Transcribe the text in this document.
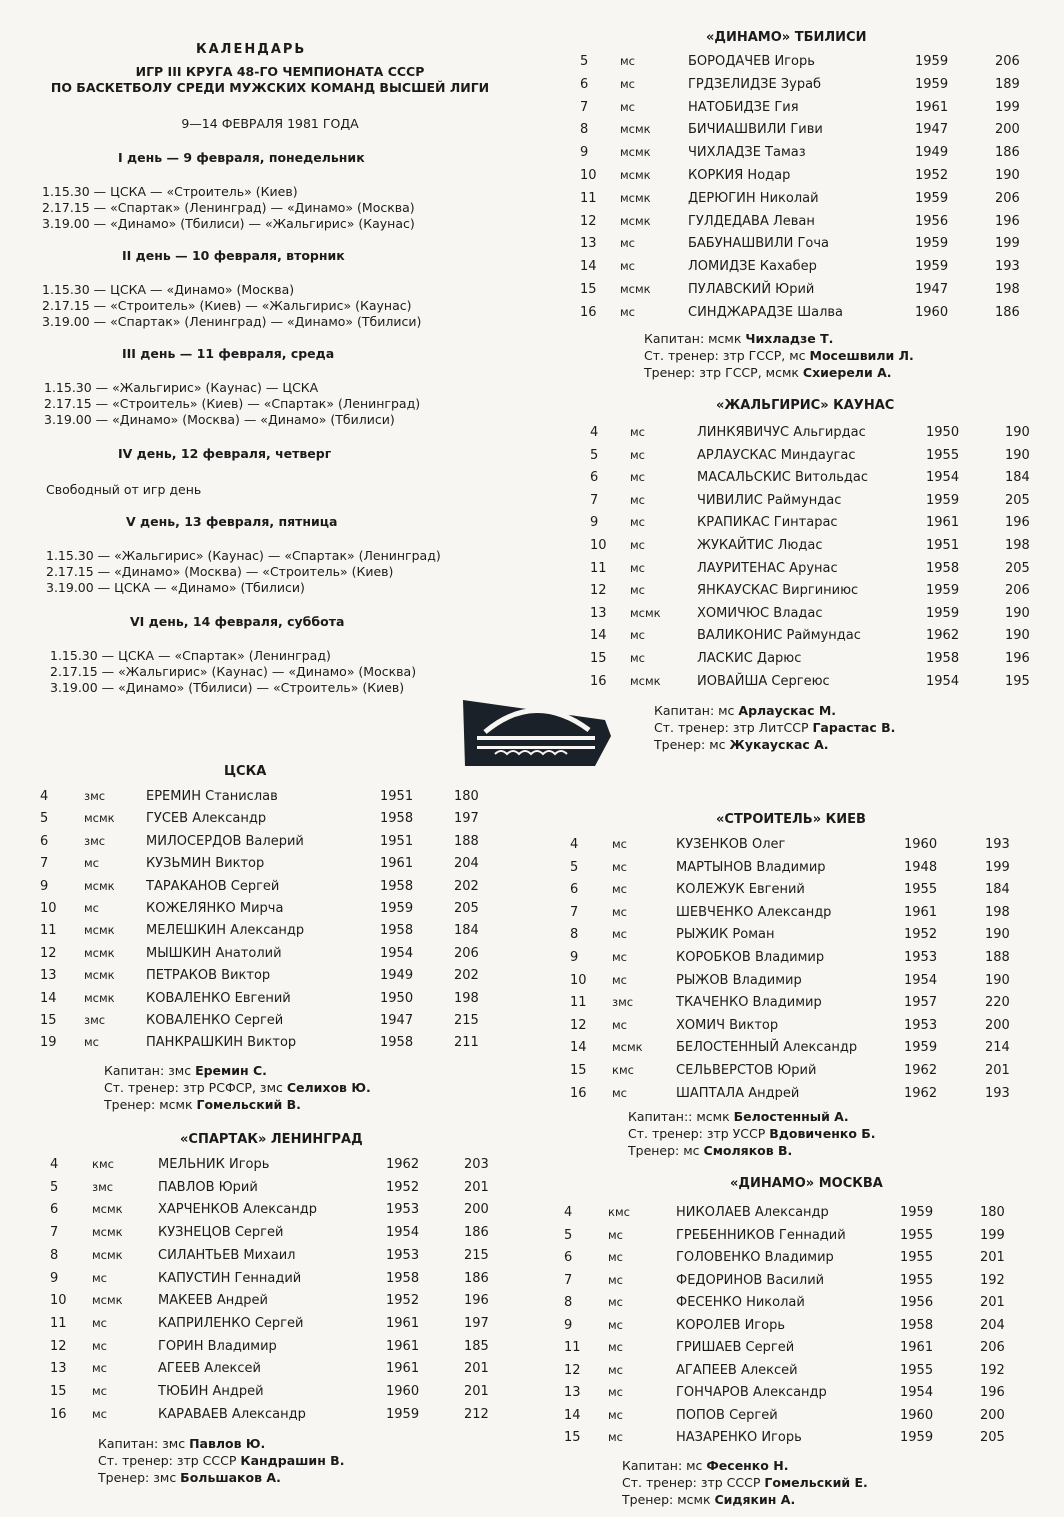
КАЛЕНДАРЬ
ИГР III КРУГА 48-ГО ЧЕМПИОНАТА СССР
ПО БАСКЕТБОЛУ СРЕДИ МУЖСКИХ КОМАНД ВЫСШЕЙ ЛИГИ
9—14 ФЕВРАЛЯ 1981 ГОДА
I день — 9 февраля, понедельник
1.15.30 — ЦСКА — «Строитель» (Киев)
2.17.15 — «Спартак» (Ленинград) — «Динамо» (Москва)
3.19.00 — «Динамо» (Тбилиси) — «Жальгирис» (Каунас)
II день — 10 февраля, вторник
1.15.30 — ЦСКА — «Динамо» (Москва)
2.17.15 — «Строитель» (Киев) — «Жальгирис» (Каунас)
3.19.00 — «Спартак» (Ленинград) — «Динамо» (Тбилиси)
III день — 11 февраля, среда
1.15.30 — «Жальгирис» (Каунас) — ЦСКА
2.17.15 — «Строитель» (Киев) — «Спартак» (Ленинград)
3.19.00 — «Динамо» (Москва) — «Динамо» (Тбилиси)
IV день, 12 февраля, четверг
Свободный от игр день
V день, 13 февраля, пятница
1.15.30 — «Жальгирис» (Каунас) — «Спартак» (Ленинград)
2.17.15 — «Динамо» (Москва) — «Строитель» (Киев)
3.19.00 — ЦСКА — «Динамо» (Тбилиси)
VI день, 14 февраля, суббота
1.15.30 — ЦСКА — «Спартак» (Ленинград)
2.17.15 — «Жальгирис» (Каунас) — «Динамо» (Москва)
3.19.00 — «Динамо» (Тбилиси) — «Строитель» (Киев)
«ДИНАМО» ТБИЛИСИ
5	мс	БОРОДАЧЕВ Игорь	1959	206
6	мс	ГРДЗЕЛИДЗЕ Зураб	1959	189
7	мс	НАТОБИДЗЕ Гия	1961	199
8	мсмк	БИЧИАШВИЛИ Гиви	1947	200
9	мсмк	ЧИХЛАДЗЕ Тамаз	1949	186
10 мсмк	КОРКИЯ Нодар	1952	190
11 мсмк	ДЕРЮГИН Николай	1959	206
12 мсмк	ГУЛДЕДАВА Леван	1956	196
13 мс	БАБУНАШВИЛИ Гоча	1959	199
14 мс	ЛОМИДЗЕ Кахабер	1959	193
15 мсмк	ПУЛАВСКИЙ Юрий	1947	198
16 мс	СИНДЖАРАДЗЕ Шалва	1960	186
Капитан: мсмк Чихладзе Т.
Ст. тренер: зтр ГССР, мс Мосешвили Л.
Тренер: зтр ГССР, мсмк Схиерели А.
«ЖАЛЬГИРИС» КАУНАС
4	мс	ЛИНКЯВИЧУС Альгирдас	1950	190
5	мс	АРЛАУСКАС Миндаугас	1955	190
6	мс	МАСАЛЬСКИС Витольдас	1954	184
7	мс	ЧИВИЛИС Раймундас	1959	205
9	мс	КРАПИКАС Гинтарас	1961	196
10 мс	ЖУКАЙТИС Людас	1951	198
11 мс	ЛАУРИТЕНАС Арунас	1958	205
12 мс	ЯНКАУСКАС Виргиниюс	1959	206
13 мсмк	ХОМИЧЮС Владас	1959	190
14 мс	ВАЛИКОНИС Раймундас	1962	190
15 мс	ЛАСКИС Дарюс	1958	196
16 мсмк	ИОВАЙША Сергеюс	1954	195
Капитан: мс Арлаускас М.
Ст. тренер: зтр ЛитССР Гарастас В.
Тренер: мс Жукаускас А.
ЦСКА
4	змс	ЕРЕМИН Станислав	1951	180
5	мсмк ГУСЕВ Александр	1958	197
6	змс	МИЛОСЕРДОВ Валерий	1951	188
7	мс	КУЗЬМИН Виктор	1961	204
9	мсмк ТАРАКАНОВ Сергей	1958	202
10 мс	КОЖЕЛЯНКО Мирча	1959	205
11 мсмк МЕЛЕШКИН Александр	1958	184
12 мсмк МЫШКИН Анатолий	1954	206
13 мсмк ПЕТРАКОВ Виктор	1949	202
14 мсмк КОВАЛЕНКО Евгений	1950	198
15 змс	КОВАЛЕНКО Сергей	1947	215
19 мс	ПАНКРАШКИН Виктор	1958	211
Капитан: змс Еремин С.
Ст. тренер: зтр РСФСР, змс Селихов Ю.
Тренер: мсмк Гомельский В.
«СТРОИТЕЛЬ» КИЕВ
4	мс	КУЗЕНКОВ Олег	1960	193
5	мс	МАРТЫНОВ Владимир	1948	199
6	мс	КОЛЕЖУК Евгений	1955	184
7	мс	ШЕВЧЕНКО Александр	1961	198
8	мс	РЫЖИК Роман	1952	190
9	мс	КОРОБКОВ Владимир	1953	188
10 мс	РЫЖОВ Владимир	1954	190
11 змс	ТКАЧЕНКО Владимир	1957	220
12 мс	ХОМИЧ Виктор	1953	200
14 мсмк	БЕЛОСТЕННЫЙ Александр	1959	214
15 кмс	СЕЛЬВЕРСТОВ Юрий	1962	201
16 мс	ШАПТАЛА Андрей	1962	193
Капитан:: мсмк Белостенный А.
Ст. тренер: зтр УССР Вдовиченко Б.
Тренер: мс Смоляков В.
«СПАРТАК» ЛЕНИНГРАД
4	кмс	МЕЛЬНИК Игорь	1962	203
5	змс	ПАВЛОВ Юрий	1952	201
6	мсмк	ХАРЧЕНКОВ Александр	1953	200
7	мсмк	КУЗНЕЦОВ Сергей	1954	186
8	мсмк	СИЛАНТЬЕВ Михаил	1953	215
9	мс	КАПУСТИН Геннадий	1958	186
10 мсмк	МАКЕЕВ Андрей	1952	196
11 мс	КАПРИЛЕНКО Сергей	1961	197
12 мс	ГОРИН Владимир	1961	185
13 мс	АГЕЕВ Алексей	1961	201
15 мс	ТЮБИН Андрей	1960	201
16 мс	КАРАВАЕВ Александр	1959	212
Капитан: змс Павлов Ю.
Ст. тренер: зтр СССР Кандрашин В.
Тренер: змс Большаков А.
«ДИНАМО» МОСКВА
4	кмс	НИКОЛАЕВ Александр	1959	180
5	мс	ГРЕБЕННИКОВ Геннадий	1955	199
6	мс	ГОЛОВЕНКО Владимир	1955	201
7	мс	ФЕДОРИНОВ Василий	1955	192
8	мс	ФЕСЕНКО Николай	1956	201
9	мс	КОРОЛЕВ Игорь	1958	204
11 мс	ГРИШАЕВ Сергей	1961	206
12 мс	АГАПЕЕВ Алексей	1955	192
13 мс	ГОНЧАРОВ Александр	1954	196
14 мс	ПОПОВ Сергей	1960	200
15 мс	НАЗАРЕНКО Игорь	1959	205
Капитан: мс Фесенко Н.
Ст. тренер: зтр СССР Гомельский Е.
Тренер: мсмк Сидякин А.
